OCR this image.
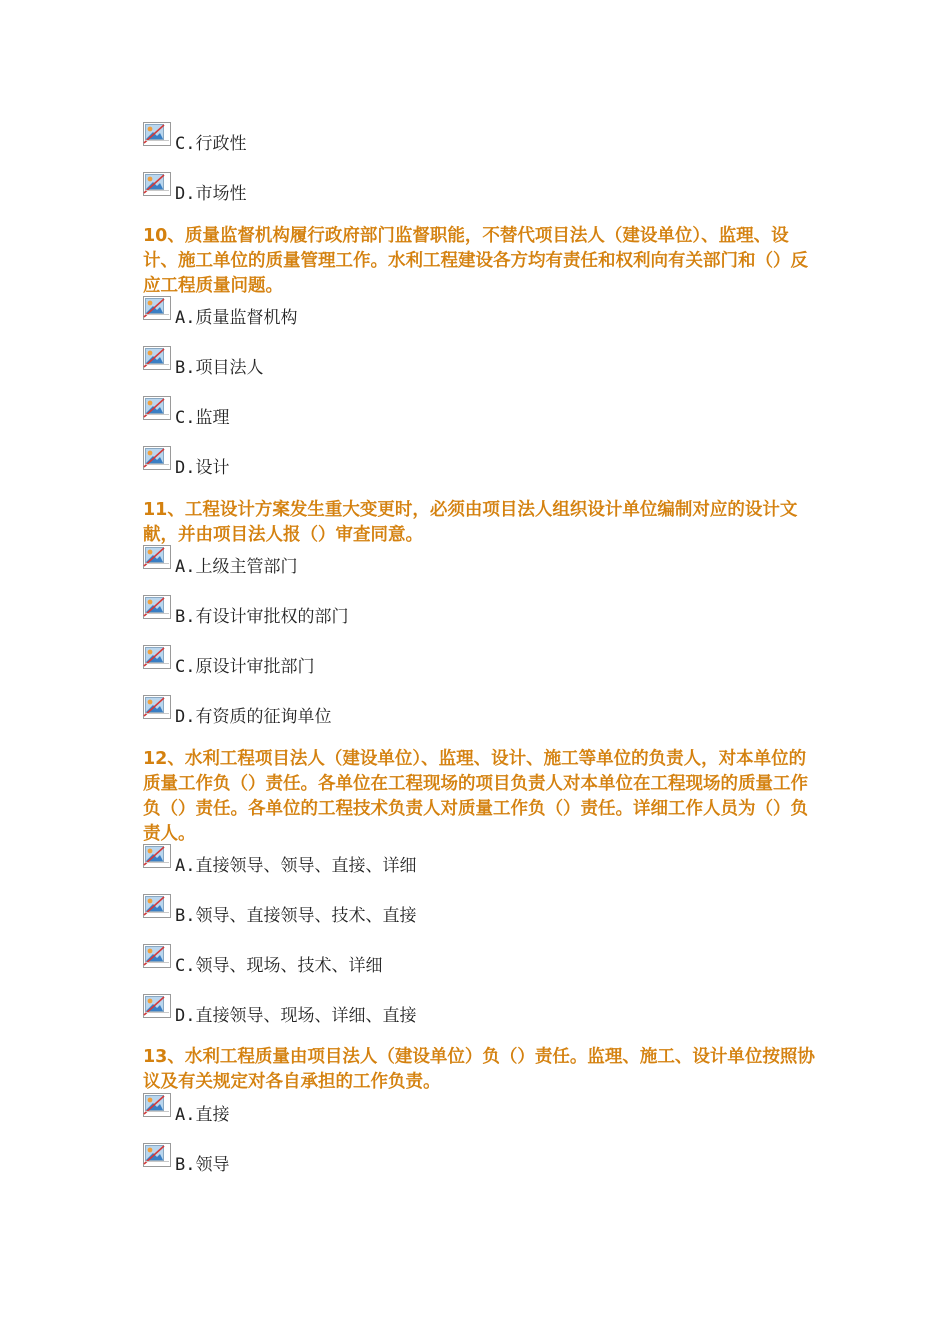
C.行政性
D.市场性

10、质量监督机构履行政府部门监督职能，不替代项目法人（建设单位）、监理、设计、施工单位的质量管理工作。水利工程建设各方均有责任和权利向有关部门和（）反应工程质量问题。

A.质量监督机构
B.项目法人
C.监理
D.设计

11、工程设计方案发生重大变更时，必须由项目法人组织设计单位编制对应的设计文献，并由项目法人报（）审查同意。

A.上级主管部门
B.有设计审批权的部门
C.原设计审批部门
D.有资质的征询单位

12、水利工程项目法人（建设单位）、监理、设计、施工等单位的负责人，对本单位的质量工作负（）责任。各单位在工程现场的项目负责人对本单位在工程现场的质量工作负（）责任。各单位的工程技术负责人对质量工作负（）责任。详细工作人员为（）负责人。

A.直接领导、领导、直接、详细
B.领导、直接领导、技术、直接
C.领导、现场、技术、详细
D.直接领导、现场、详细、直接

13、水利工程质量由项目法人（建设单位）负（）责任。监理、施工、设计单位按照协议及有关规定对各自承担的工作负责。

A.直接
B.领导
